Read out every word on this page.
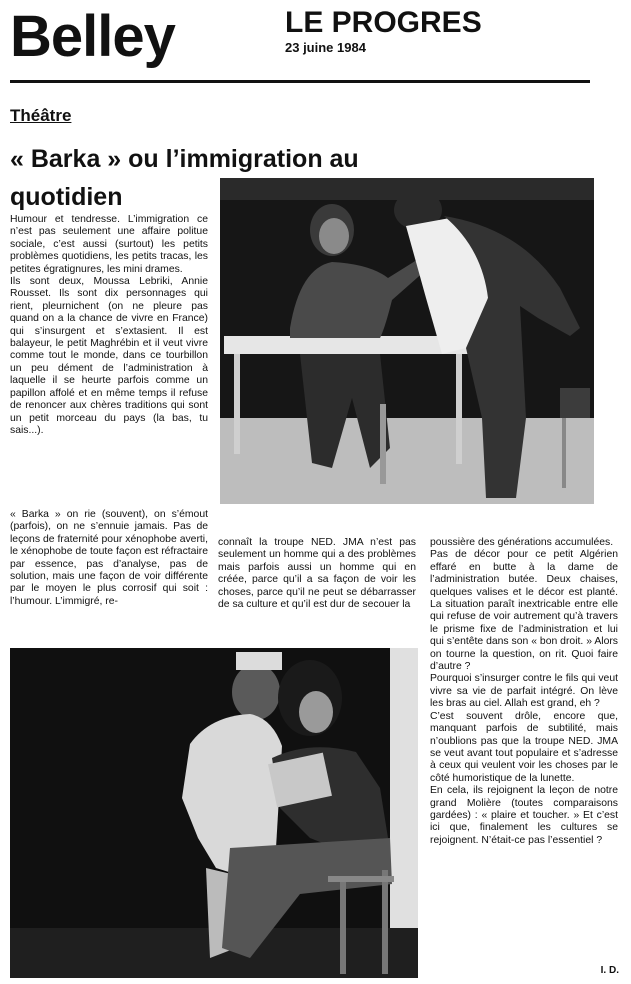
Belley	LE PROGRES
23 juine 1984
Théâtre
« Barka » ou l’immigration au quotidien
Humour et tendresse. L’immigration ce n’est pas seulement une affaire politue sociale, c’est aussi (surtout) les petits problèmes quotidiens, les petits tracas, les petites égratignures, les mini drames.
Ils sont deux, Moussa Lebriki, Annie Rousset. Ils sont dix personnages qui rient, pleurnichent (on ne pleure pas quand on a la chance de vivre en France) qui s’insurgent et s’extasient. Il est balayeur, le petit Maghrébin et il veut vivre comme tout le monde, dans ce tourbillon un peu dément de l’administration à laquelle il se heurte parfois comme un papillon affolé et en même temps il refuse de renoncer aux chères traditions qui sont un petit morceau du pays (la bas, tu sais...).
« Barka » on rie (souvent), on s’émout (parfois), on ne s’ennuie jamais. Pas de leçons de fraternité pour xénophobe averti, le xénophobe de toute façon est réfractaire par essence, pas d’analyse, pas de solution, mais une façon de voir différente par le moyen le plus corrosif qui soit : l’humour. L’immigré, re-
connaît la troupe NED. JMA n’est pas seulement un homme qui a des problèmes mais parfois aussi un homme qui en créée, parce qu’il a sa façon de voir les choses, parce qu’il ne peut se débarrasser de sa culture et qu’il est dur de secouer la
poussière des générations accumulées.
Pas de décor pour ce petit Algérien effaré en butte à la dame de l’administration butée. Deux chaises, quelques valises et le décor est planté. La situation paraît inextricable entre elle qui refuse de voir autrement qu’à travers le prisme fixe de l’administration et lui qui s’entête dans son « bon droit. » Alors on tourne la question, on rit. Quoi faire d’autre ?
Pourquoi s’insurger contre le fils qui veut vivre sa vie de parfait intégré. On lève les bras au ciel. Allah est grand, eh ?
C’est souvent drôle, encore que, manquant parfois de subtilité, mais n’oublions pas que la troupe NED. JMA se veut avant tout populaire et s’adresse à ceux qui veulent voir les choses par le côté humoristique de la lunette.
En cela, ils rejoignent la leçon de notre grand Molière (toutes comparaisons gardées) : « plaire et toucher. » Et c’est ici que, finalement les cultures se rejoignent. N’était-ce pas l’essentiel ?
I. D.
